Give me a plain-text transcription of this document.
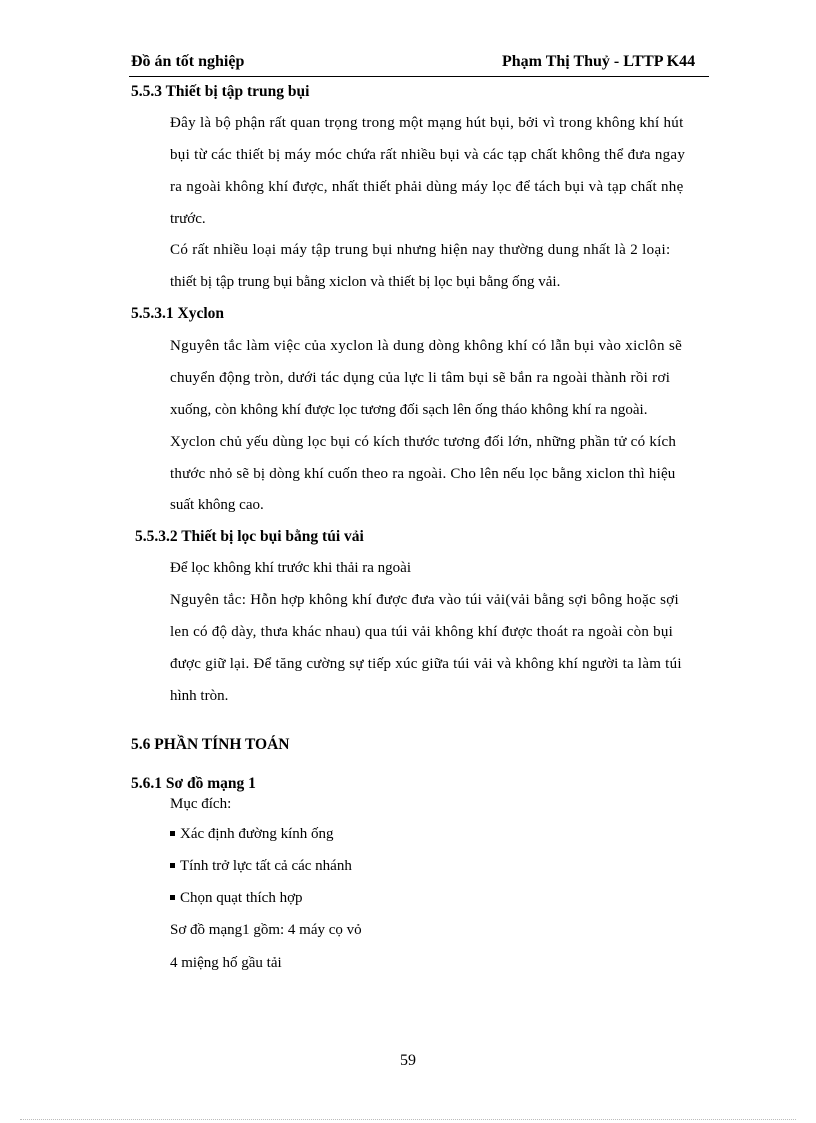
Đồ án tốt nghiệp	Phạm Thị Thuỷ - LTTP K44
5.5.3 Thiết bị tập trung bụi
Đây là bộ phận rất quan trọng trong một mạng hút bụi, bởi vì trong không khí hút
bụi từ các thiết bị máy móc chứa rất nhiều bụi và các tạp chất không thể đưa ngay
ra ngoài không khí được, nhất thiết phải dùng máy lọc để tách bụi và tạp chất nhẹ
trước.
Có rất nhiều loại máy tập trung bụi nhưng hiện nay thường dung nhất là 2 loại:
thiết bị tập trung bụi bằng xiclon và thiết bị lọc bụi bằng ống vải.
5.5.3.1 Xyclon
Nguyên tắc làm việc của xyclon là dung dòng không khí có lẫn bụi vào xiclôn sẽ
chuyển động tròn, dưới tác dụng của lực li tâm bụi sẽ bắn ra ngoài thành rồi rơi
xuống, còn không khí được lọc tương đối sạch lên ống tháo không khí ra ngoài.
Xyclon chủ yếu dùng lọc bụi có kích thước tương đối lớn, những phần tử có kích
thước nhỏ sẽ bị dòng khí cuốn theo ra ngoài. Cho lên nếu lọc bằng xiclon thì hiệu
suất không cao.
5.5.3.2 Thiết bị lọc bụi bằng túi vải
Để lọc không khí trước khi thải ra ngoài
Nguyên tắc: Hỗn hợp không khí được đưa vào túi vải(vải bằng sợi bông hoặc sợi
len có độ dày, thưa khác nhau) qua túi vải không khí được thoát ra ngoài còn bụi
được giữ lại. Để tăng cường sự tiếp xúc giữa túi vải và không khí người ta làm túi
hình tròn.
5.6 PHẦN TÍNH TOÁN
5.6.1 Sơ đồ mạng 1
Mục đích:
Xác định đường kính ống
Tính trở lực tất cả các nhánh
Chọn quạt thích hợp
Sơ đồ mạng1 gồm: 4 máy cọ vỏ
4 miệng hố gầu tải
59
